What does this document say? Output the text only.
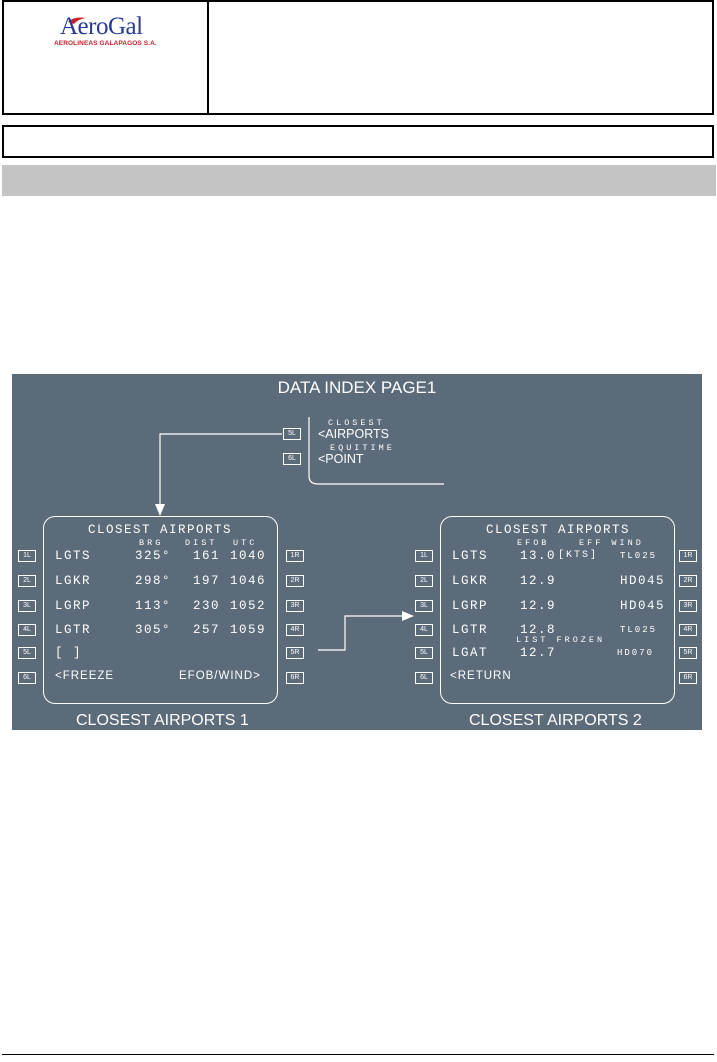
AeroGal
AEROLINEAS GALAPAGOS S.A.
DATA INDEX PAGE1
5L
6L
CLOSEST
<AIRPORTS
EQUITIME
<POINT
CLOSEST AIRPORTS
BRG	DIST UTC
LGTS	325° 161 1040
LGKR	298° 197 1046
LGRP	113° 230 1052
LGTR	305° 257 1059
[ ]
<FREEZE	EFOB/WIND>
1L
2L
3L
4L
5L
6L
1R
2R
3R
4R
5R
6R
CLOSEST AIRPORTS 1
CLOSEST AIRPORTS
EFOB	EFF WIND
LGTS	13.0 [KTS] TL025
LGKR	12.9	HD045
LGRP	12.9	HD045
LGTR	12.8	TL025
LIST FROZEN
LGAT	12.7	HD070
<RETURN
1L
2L
3L
4L
5L
6L
1R
2R
3R
4R
5R
6R
CLOSEST AIRPORTS 2
